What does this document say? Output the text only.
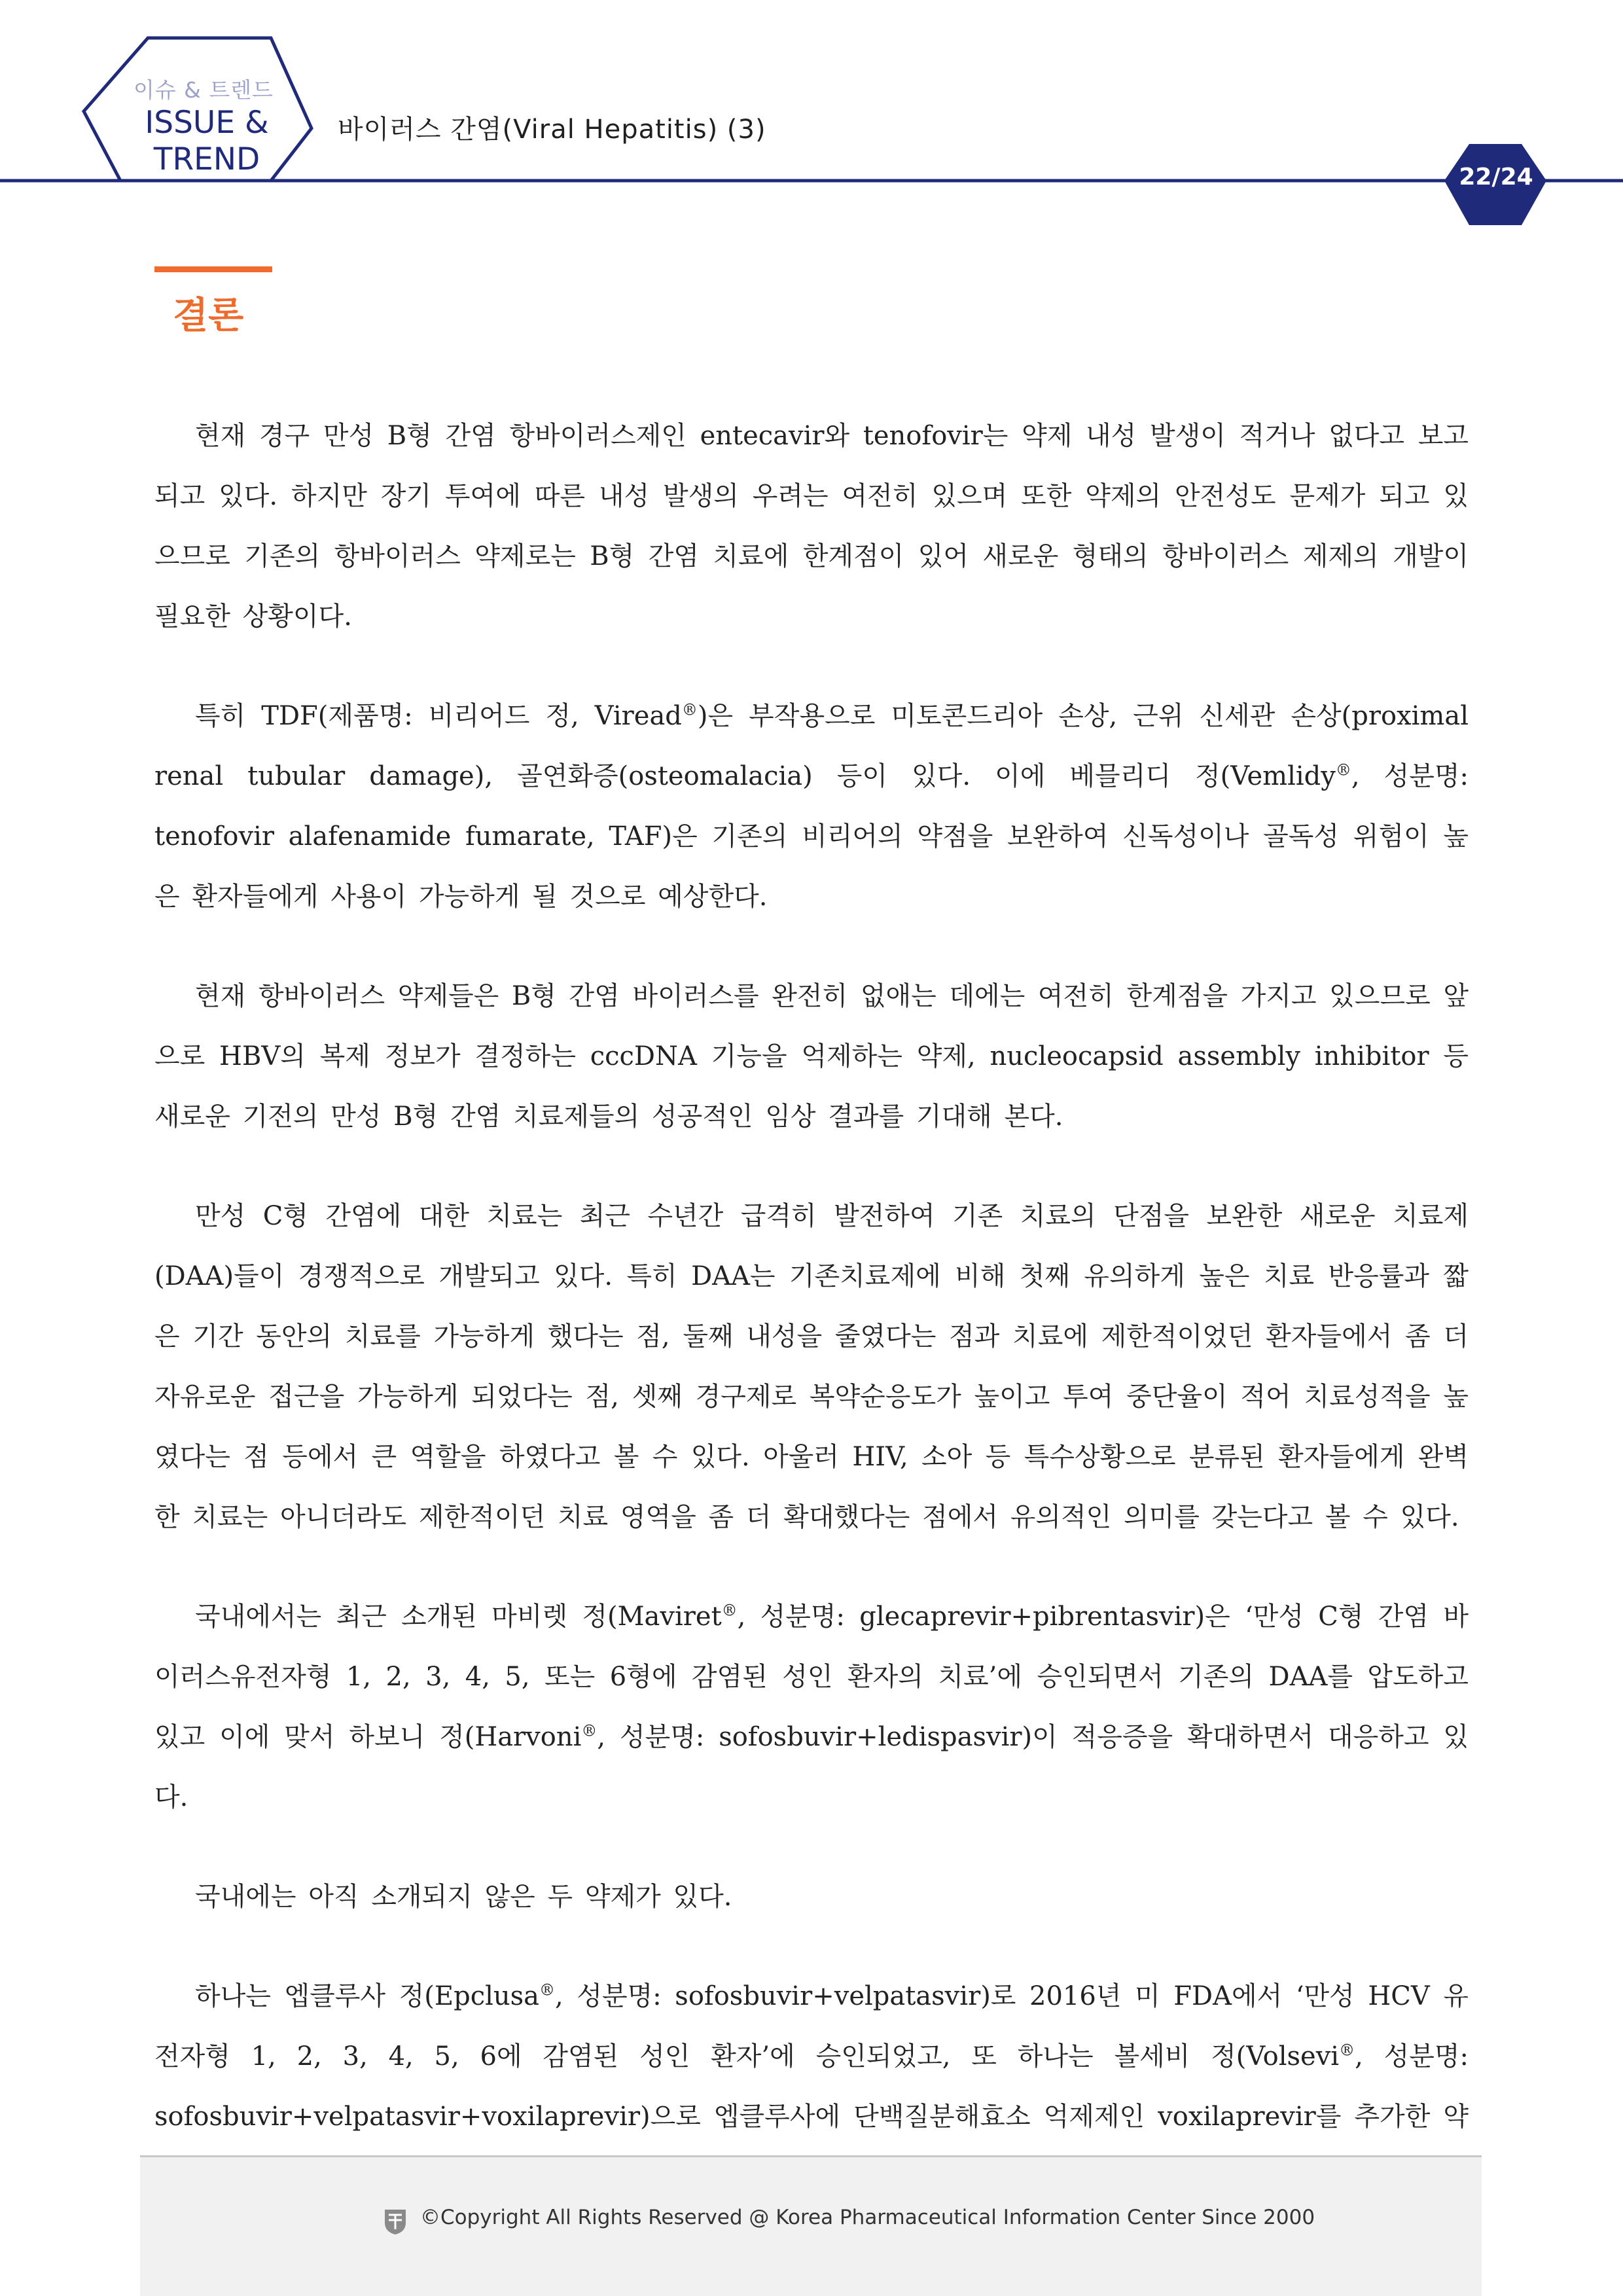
이슈 & 트렌드
ISSUE &
TREND
바이러스 간염(Viral Hepatitis) (3)
22/24
결론

현재 경구 만성 B형 간염 항바이러스제인 entecavir와 tenofovir는 약제 내성 발생이 적거나 없다고 보고되고 있다. 하지만 장기 투여에 따른 내성 발생의 우려는 여전히 있으며 또한 약제의 안전성도 문제가 되고 있으므로 기존의 항바이러스 약제로는 B형 간염 치료에 한계점이 있어 새로운 형태의 항바이러스 제제의 개발이 필요한 상황이다.

특히 TDF(제품명: 비리어드 정, Viread®)은 부작용으로 미토콘드리아 손상, 근위 신세관 손상(proximal renal tubular damage), 골연화증(osteomalacia) 등이 있다. 이에 베믈리디 정(Vemlidy®, 성분명: tenofovir alafenamide fumarate, TAF)은 기존의 비리어의 약점을 보완하여 신독성이나 골독성 위험이 높은 환자들에게 사용이 가능하게 될 것으로 예상한다.

현재 항바이러스 약제들은 B형 간염 바이러스를 완전히 없애는 데에는 여전히 한계점을 가지고 있으므로 앞으로 HBV의 복제 정보가 결정하는 cccDNA 기능을 억제하는 약제, nucleocapsid assembly inhibitor 등 새로운 기전의 만성 B형 간염 치료제들의 성공적인 임상 결과를 기대해 본다.

만성 C형 간염에 대한 치료는 최근 수년간 급격히 발전하여 기존 치료의 단점을 보완한 새로운 치료제(DAA)들이 경쟁적으로 개발되고 있다. 특히 DAA는 기존치료제에 비해 첫째 유의하게 높은 치료 반응률과 짧은 기간 동안의 치료를 가능하게 했다는 점, 둘째 내성을 줄였다는 점과 치료에 제한적이었던 환자들에서 좀 더 자유로운 접근을 가능하게 되었다는 점, 셋째 경구제로 복약순응도가 높이고 투여 중단율이 적어 치료성적을 높였다는 점 등에서 큰 역할을 하였다고 볼 수 있다. 아울러 HIV, 소아 등 특수상황으로 분류된 환자들에게 완벽한 치료는 아니더라도 제한적이던 치료 영역을 좀 더 확대했다는 점에서 유의적인 의미를 갖는다고 볼 수 있다.

국내에서는 최근 소개된 마비렛 정(Maviret®, 성분명: glecaprevir+pibrentasvir)은 ‘만성 C형 간염 바이러스유전자형 1, 2, 3, 4, 5, 또는 6형에 감염된 성인 환자의 치료’에 승인되면서 기존의 DAA를 압도하고 있고 이에 맞서 하보니 정(Harvoni®, 성분명: sofosbuvir+ledispasvir)이 적응증을 확대하면서 대응하고 있다.

국내에는 아직 소개되지 않은 두 약제가 있다.

하나는 엡클루사 정(Epclusa®, 성분명: sofosbuvir+velpatasvir)로 2016년 미 FDA에서 ‘만성 HCV 유전자형 1, 2, 3, 4, 5, 6에 감염된 성인 환자’에 승인되었고, 또 하나는 볼세비 정(Volsevi®, 성분명: sofosbuvir+velpatasvir+voxilaprevir)으로 엡클루사에 단백질분해효소 억제제인 voxilaprevir를 추가한 약

©Copyright All Rights Reserved @ Korea Pharmaceutical Information Center Since 2000
